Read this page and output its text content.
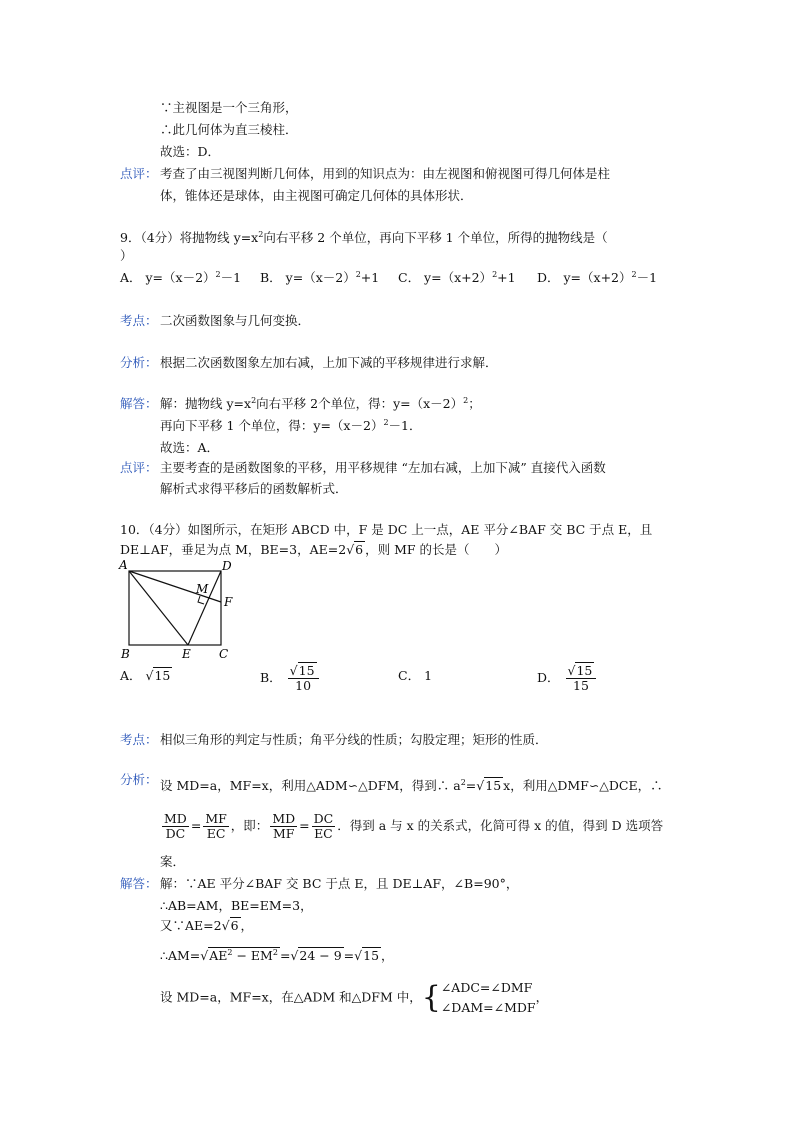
∵主视图是一个三角形，
∴此几何体为直三棱柱．
故选：D．
点评： 考查了由三视图判断几何体，用到的知识点为：由左视图和俯视图可得几何体是柱
体，锥体还是球体，由主视图可确定几何体的具体形状．
9．（4分）将抛物线 $y=x^2$向右平移 2 个单位，再向下平移 1 个单位，所得的抛物线是（
）
A． $y=(x-2)^2-1$ B． $y=(x-2)^2+1$ C． $y=(x+2)^2+1$ D． $y=(x+2)^2-1$
考点： 二次函数图象与几何变换．
分析： 根据二次函数图象左加右减，上加下减的平移规律进行求解．
解答： 解：抛物线 $y=x^2$向右平移 2个单位，得：$y=(x-2)^2$；
再向下平移 1 个单位，得：$y=(x-2)^2-1$．
故选：A．
点评： 主要考查的是函数图象的平移，用平移规律 “左加右减，上加下减” 直接代入函数
解析式求得平移后的函数解析式．
10．（4分）如图所示，在矩形 ABCD 中，F 是 DC 上一点，AE 平分∠BAF 交 BC 于点 E，且
DE⊥AF，垂足为点 M，BE=3，AE=2√6 ，则 MF 的长是（　　）
A	D
M
F
B	E C
A． √15	B． $\frac{√15}{10}$	C． 1	D． $\frac{√15}{15}$
考点： 相似三角形的判定与性质；角平分线的性质；勾股定理；矩形的性质．
分析： 设 MD=a，MF=x，利用△ADM∽△DFM，得到∴ $a^2=√15$ x，利用△DMF∽△DCE，∴
$\frac{MD}{DC} = \frac{MF}{EC}$ ，即： $\frac{MD}{MF} = \frac{DC}{EC}$ ．得到 a 与 x 的关系式，化简可得 x 的值，得到 D 选项答
案．
解答： 解：∵AE 平分∠BAF 交 BC 于点 E，且 DE⊥AF，∠B=90°，
∴AB=AM，BE=EM=3，
又∵AE=2√6 ，
$\therefore AM=√AE^2 - EM^2 =√24 - 9 =√15$ ，
设 MD=a，MF=x，在△ADM 和△DFM 中，{ ∠ADC=∠DMF
∠DAM=∠MDF
，
